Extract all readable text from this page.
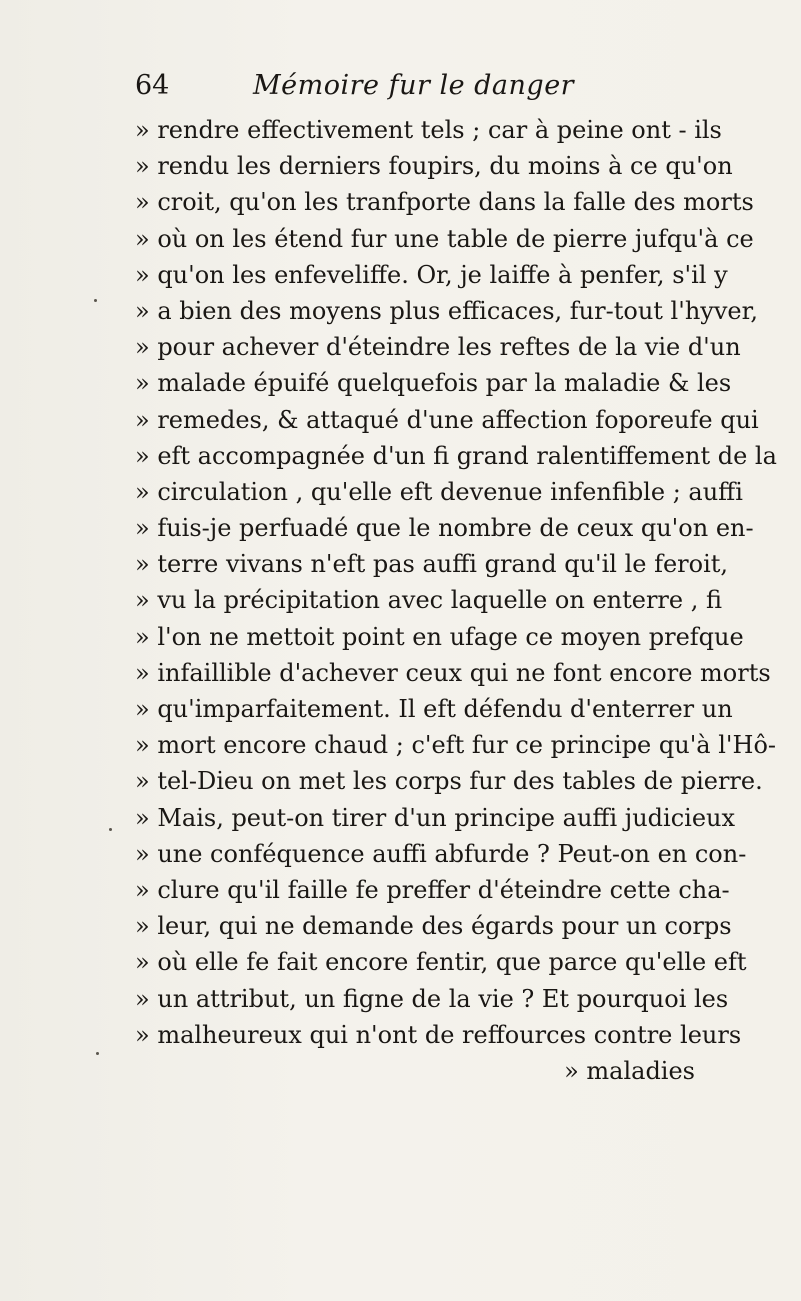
64	Mémoire fur le danger
» rendre effectivement tels ; car à peine ont - ils
» rendu les derniers foupirs, du moins à ce qu'on
» croit, qu'on les tranfporte dans la falle des morts
» où on les étend fur une table de pierre jufqu'à ce
» qu'on les enfeveliffe. Or, je laiffe à penfer, s'il y
» a bien des moyens plus efficaces, fur-tout l'hyver,
» pour achever d'éteindre les reftes de la vie d'un
» malade épuifé quelquefois par la maladie & les
» remedes, & attaqué d'une affection foporeufe qui
» eft accompagnée d'un fi grand ralentiffement de la
» circulation , qu'elle eft devenue infenfible ; auffi
» fuis-je perfuadé que le nombre de ceux qu'on en-
» terre vivans n'eft pas auffi grand qu'il le feroit,
» vu la précipitation avec laquelle on enterre , fi
» l'on ne mettoit point en ufage ce moyen prefque
» infaillible d'achever ceux qui ne font encore morts
» qu'imparfaitement. Il eft défendu d'enterrer un
» mort encore chaud ; c'eft fur ce principe qu'à l'Hô-
» tel-Dieu on met les corps fur des tables de pierre.
» Mais, peut-on tirer d'un principe auffi judicieux
» une conféquence auffi abfurde ? Peut-on en con-
» clure qu'il faille fe preffer d'éteindre cette cha-
» leur, qui ne demande des égards pour un corps
» où elle fe fait encore fentir, que parce qu'elle eft
» un attribut, un figne de la vie ? Et pourquoi les
» malheureux qui n'ont de reffources contre leurs
» maladies
